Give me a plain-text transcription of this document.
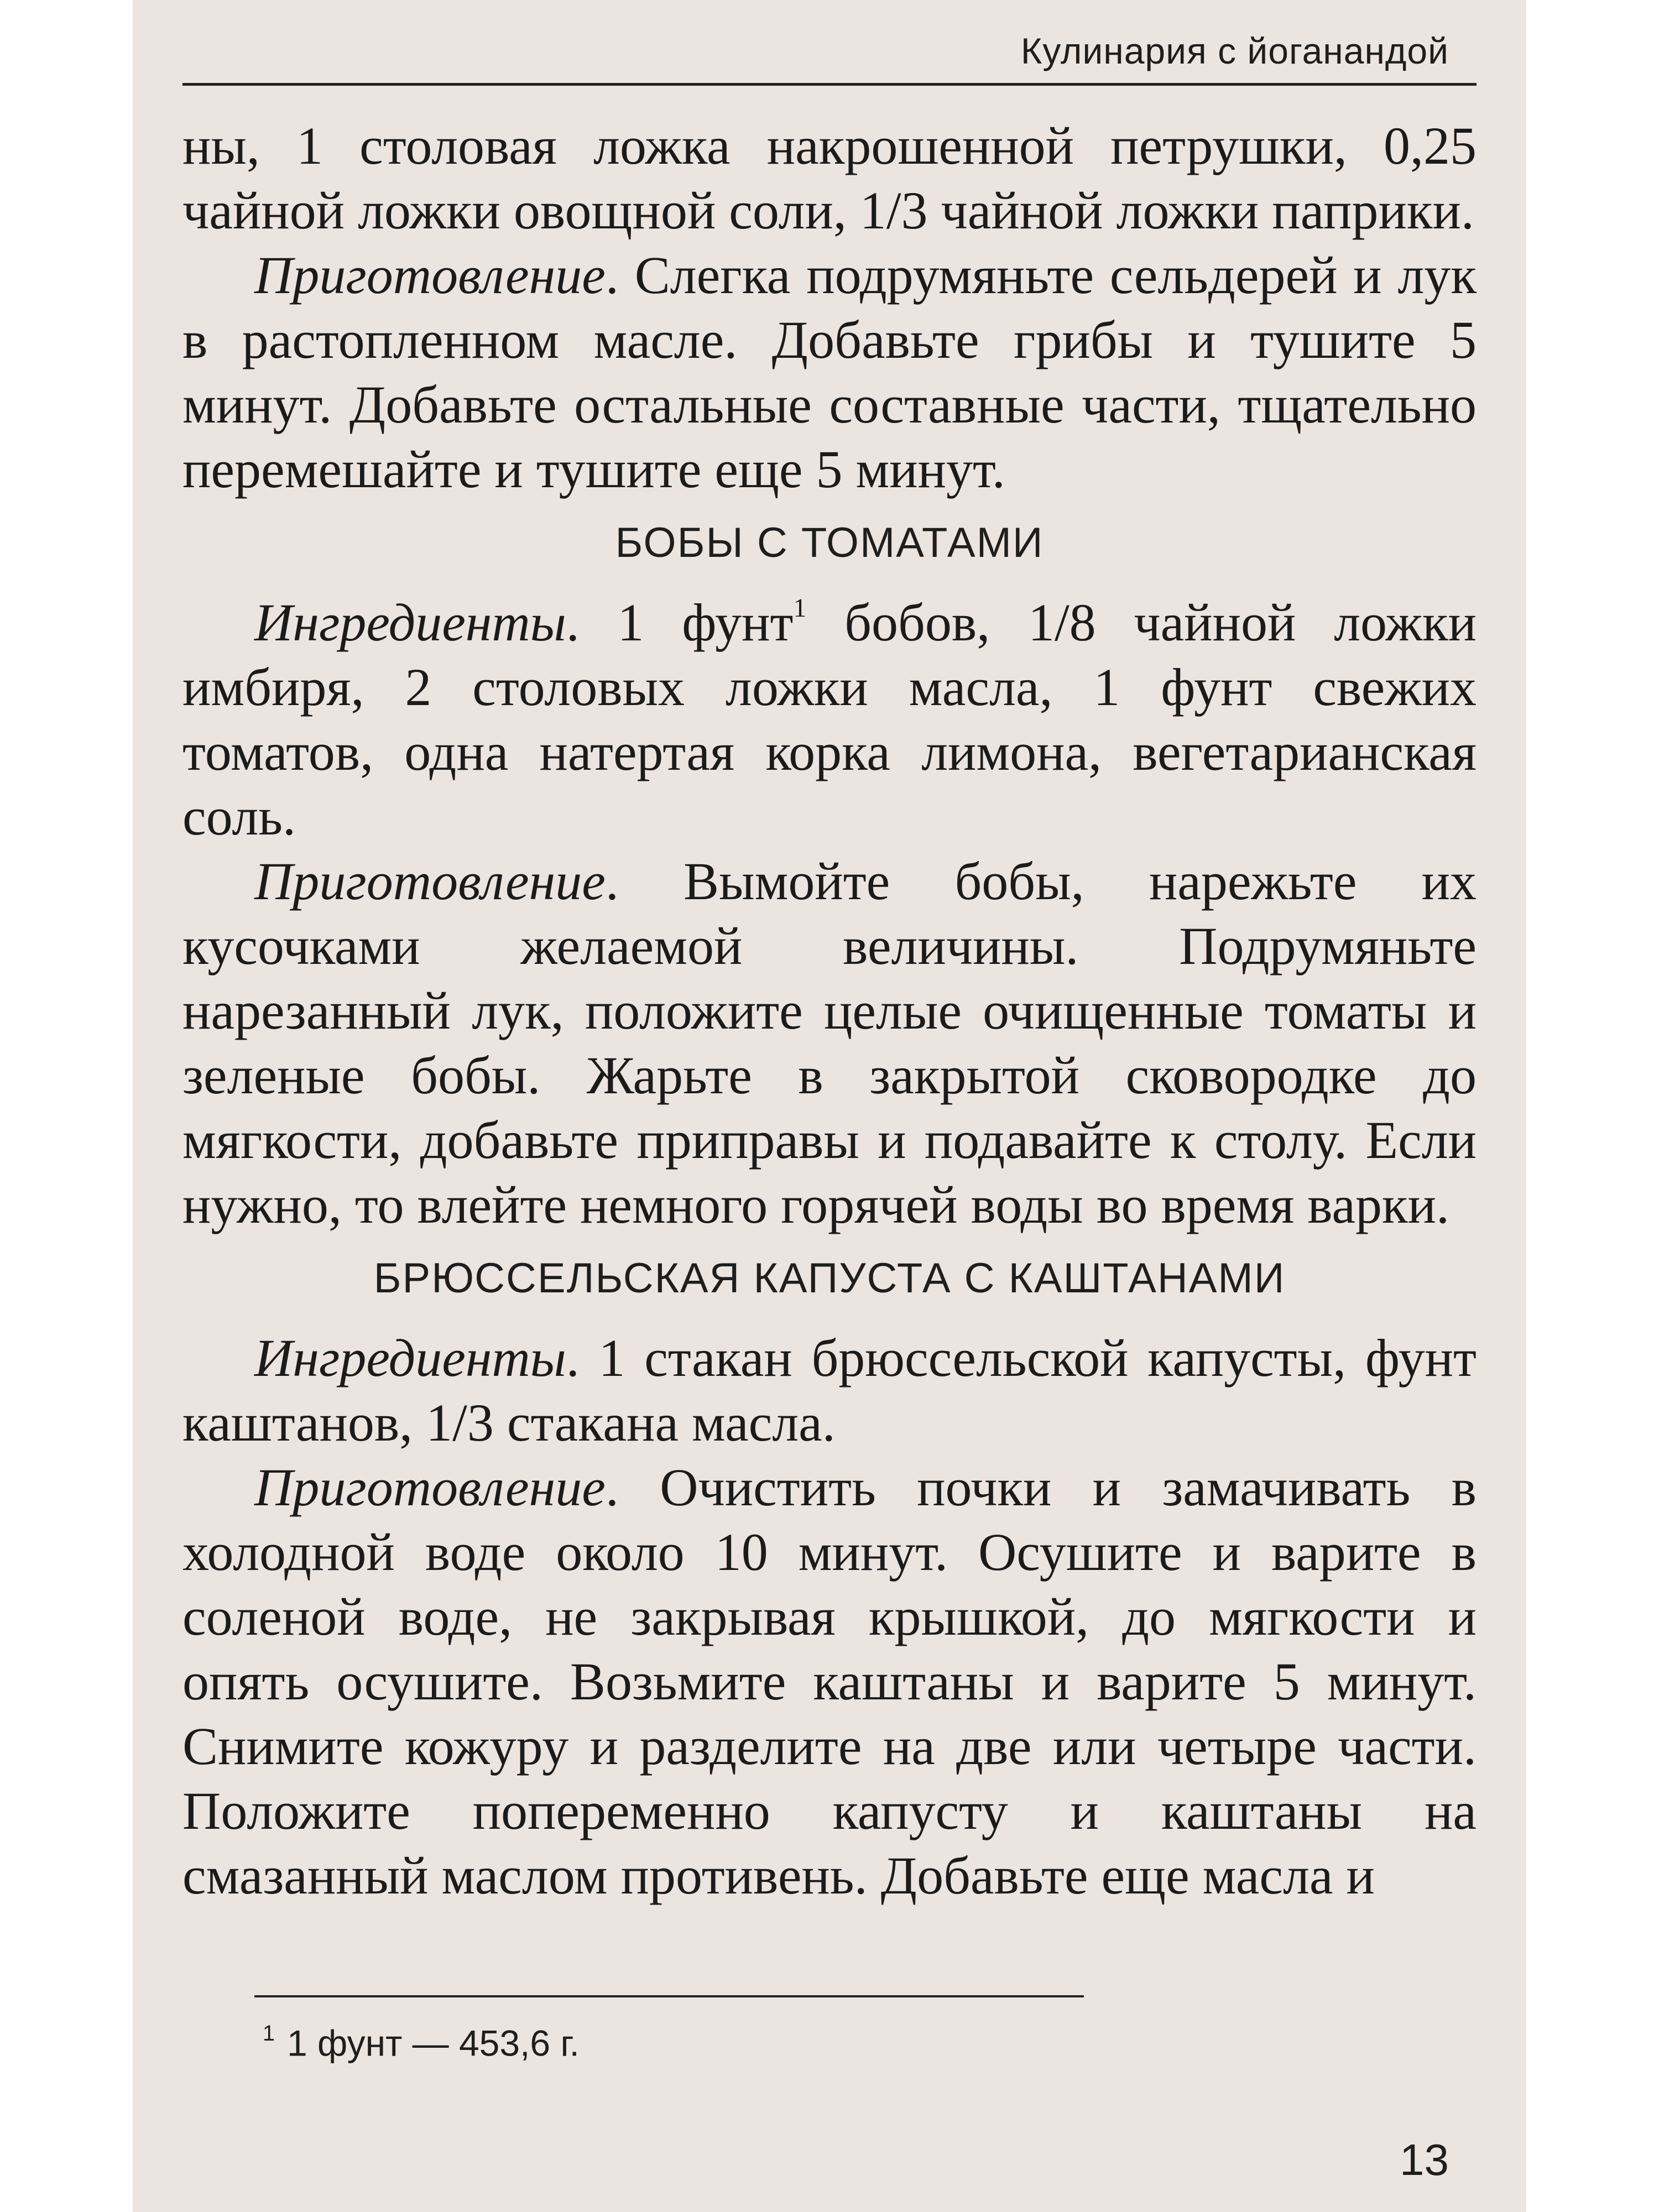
Кулинария с йоганандой

ны, 1 столовая ложка накрошенной петрушки, 0,25 чайной ложки овощной соли, 1/3 чайной ложки паприки.

Приготовление. Слегка подрумяньте сельдерей и лук в растопленном масле. Добавьте грибы и тушите 5 минут. Добавьте остальные составные части, тщательно перемешайте и тушите еще 5 минут.

БОБЫ С ТОМАТАМИ

Ингредиенты. 1 фунт$^1$ бобов, 1/8 чайной ложки имбиря, 2 столовых ложки масла, 1 фунт свежих томатов, одна натертая корка лимона, вегетарианская соль.

Приготовление. Вымойте бобы, нарежьте их кусочками желаемой величины. Подрумяньте нарезанный лук, положите целые очищенные томаты и зеленые бобы. Жарьте в закрытой сковородке до мягкости, добавьте приправы и подавайте к столу. Если нужно, то влейте немного горячей воды во время варки.

БРЮССЕЛЬСКАЯ КАПУСТА С КАШТАНАМИ

Ингредиенты. 1 стакан брюссельской капусты, фунт каштанов, 1/3 стакана масла.

Приготовление. Очистить почки и замачивать в холодной воде около 10 минут. Осушите и варите в соленой воде, не закрывая крышкой, до мягкости и опять осушите. Возьмите каштаны и варите 5 минут. Снимите кожуру и разделите на две или четыре части. Положите попеременно капусту и каштаны на смазанный маслом противень. Добавьте еще масла и

$^1$ 1 фунт — 453,6 г.
13
